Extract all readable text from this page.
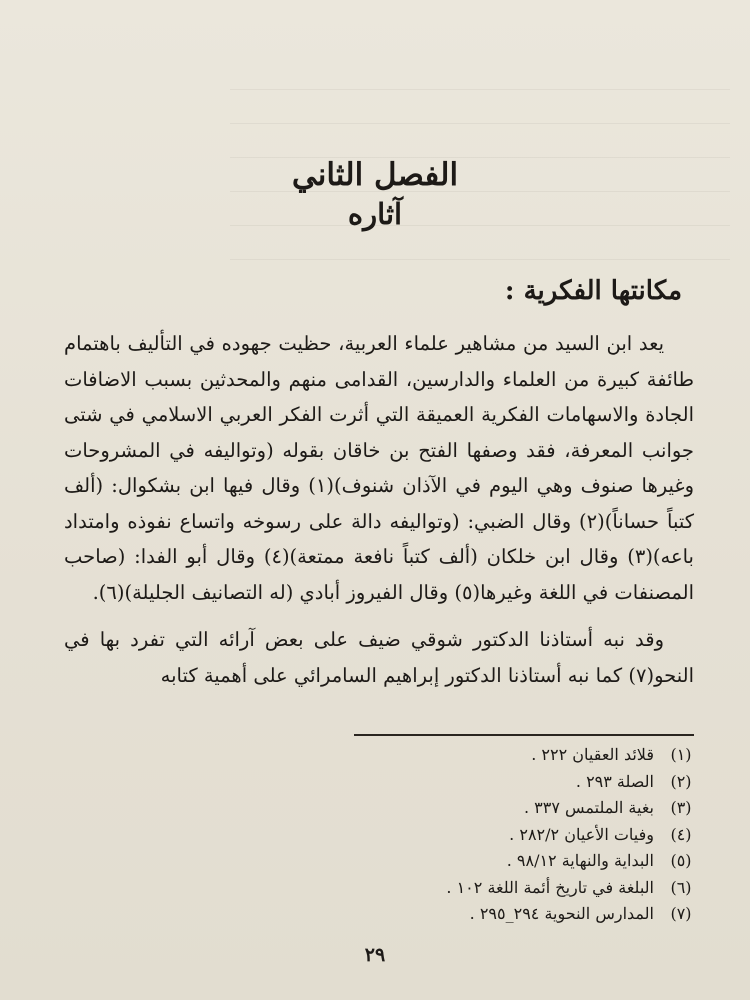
الفصل الثاني
آثاره
مكانتها الفكرية :

يعد ابن السيد من مشاهير علماء العربية، حظيت جهوده في التأليف باهتمام طائفة كبيرة من العلماء والدارسين، القدامى منهم والمحدثين بسبب الاضافات الجادة والاسهامات الفكرية العميقة التي أثرت الفكر العربي الاسلامي في شتى جوانب المعرفة، فقد وصفها الفتح بن خاقان بقوله (وتواليفه في المشروحات وغيرها صنوف وهي اليوم في الآذان شنوف)(١) وقال فيها ابن بشكوال: (ألف كتباً حساناً)(٢) وقال الضبي: (وتواليفه دالة على رسوخه واتساع نفوذه وامتداد باعه)(٣) وقال ابن خلكان (ألف كتباً نافعة ممتعة)(٤) وقال أبو الفدا: (صاحب المصنفات في اللغة وغيرها(٥) وقال الفيروز أبادي (له التصانيف الجليلة)(٦).

وقد نبه أستاذنا الدكتور شوقي ضيف على بعض آرائه التي تفرد بها في النحو(٧) كما نبه أستاذنا الدكتور إبراهيم السامرائي على أهمية كتابه

(١)
قلائد العقيان ٢٢٢ .
(٢)
الصلة ٢٩٣ .
(٣)
بغية الملتمس ٣٣٧ .
(٤)
وفيات الأعيان ٢٨٢/٢ .
(٥)
البداية والنهاية ٩٨/١٢ .
(٦)
البلغة في تاريخ أئمة اللغة ١٠٢ .
(٧)
المدارس النحوية ٢٩٤_٢٩٥ .
٢٩
